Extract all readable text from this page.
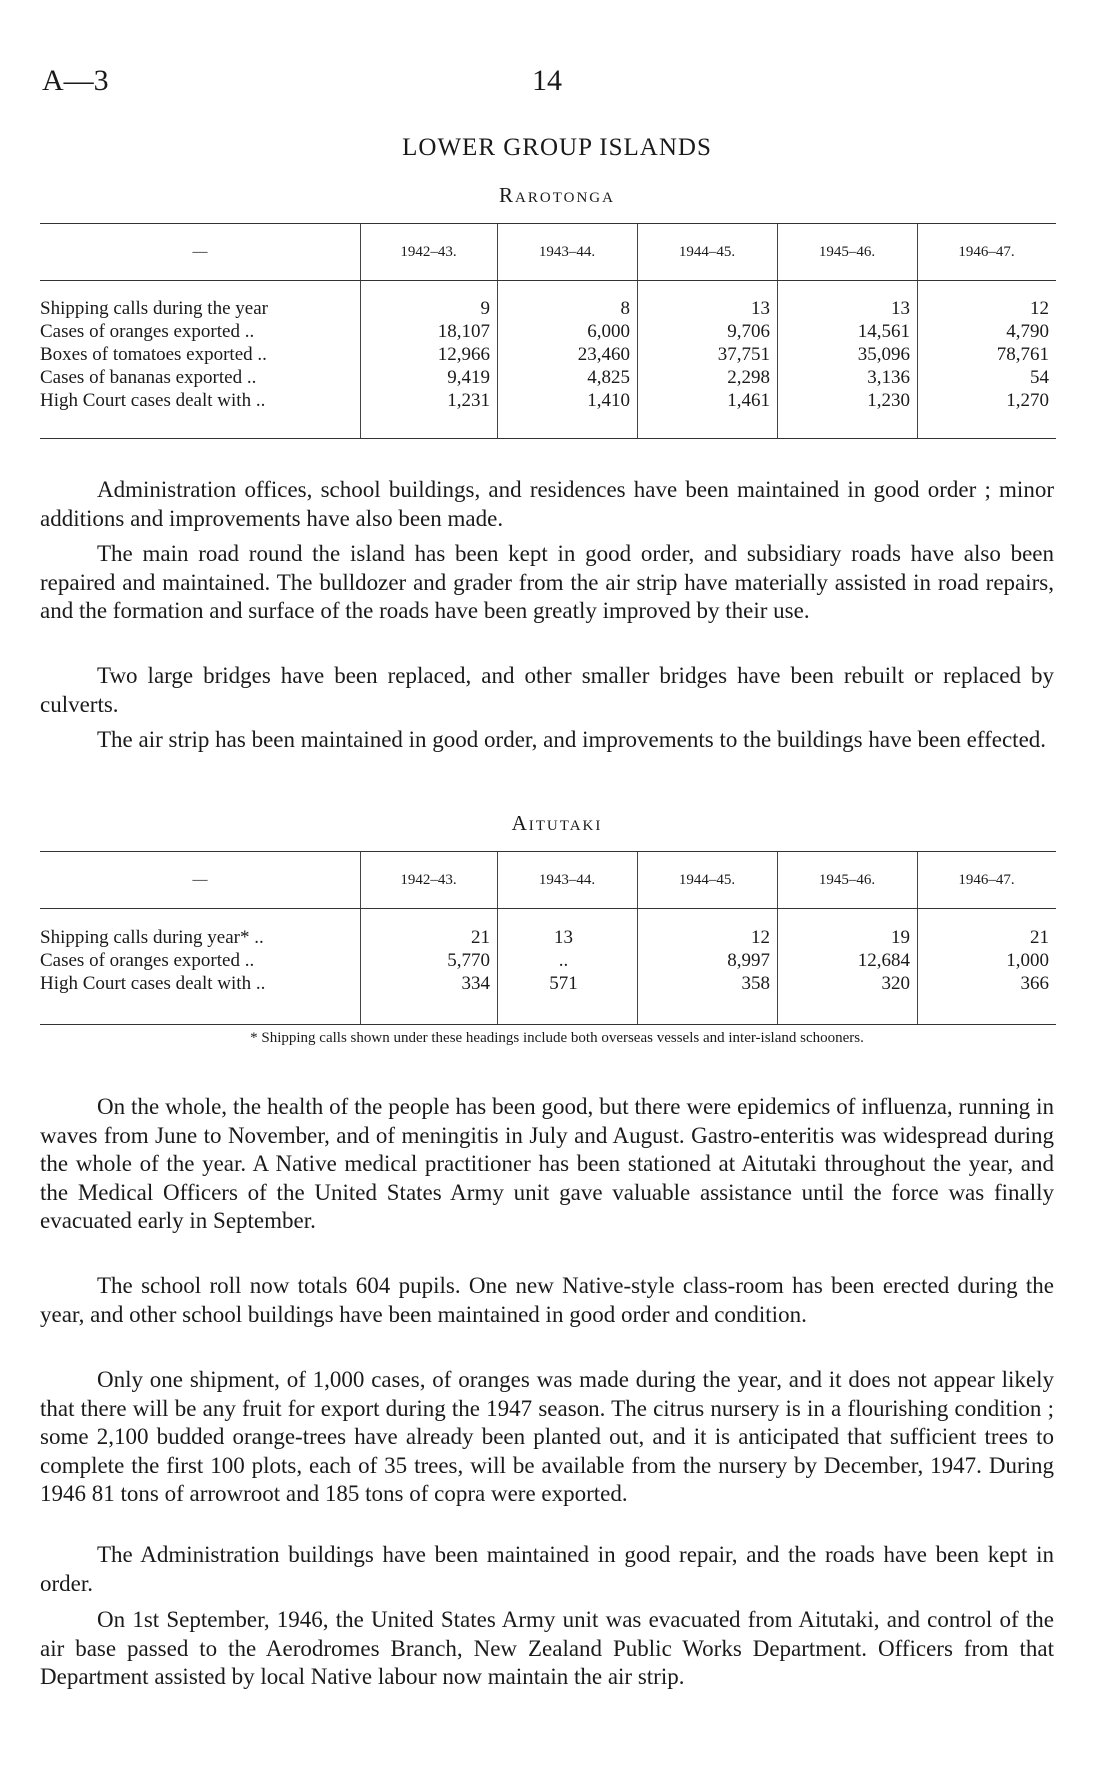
A—3	14
LOWER GROUP ISLANDS
Rarotonga
—	1942–43.	1943–44.	1944–45.	1945–46.	1946–47.
Shipping calls during the year	9	8	13	13	12
Cases of oranges exported ..	18,107	6,000	9,706	14,561	4,790
Boxes of tomatoes exported ..	12,966	23,460	37,751	35,096	78,761
Cases of bananas exported ..	9,419	4,825	2,298	3,136	54
High Court cases dealt with ..	1,231	1,410	1,461	1,230	1,270

Administration offices, school buildings, and residences have been maintained in good order ; minor additions and improvements have also been made.

The main road round the island has been kept in good order, and subsidiary roads have also been repaired and maintained. The bulldozer and grader from the air strip have materially assisted in road repairs, and the formation and surface of the roads have been greatly improved by their use.

Two large bridges have been replaced, and other smaller bridges have been rebuilt or replaced by culverts.

The air strip has been maintained in good order, and improvements to the buildings have been effected.

Aitutaki
—	1942–43.	1943–44.	1944–45.	1945–46.	1946–47.
Shipping calls during year* ..	21	13	12	19	21
Cases of oranges exported ..	5,770	..	8,997	12,684	1,000
High Court cases dealt with ..	334	571	358	320	366
* Shipping calls shown under these headings include both overseas vessels and inter-island schooners.

On the whole, the health of the people has been good, but there were epidemics of influenza, running in waves from June to November, and of meningitis in July and August. Gastro-enteritis was widespread during the whole of the year. A Native medical practitioner has been stationed at Aitutaki throughout the year, and the Medical Officers of the United States Army unit gave valuable assistance until the force was finally evacuated early in September.

The school roll now totals 604 pupils. One new Native-style class-room has been erected during the year, and other school buildings have been maintained in good order and condition.

Only one shipment, of 1,000 cases, of oranges was made during the year, and it does not appear likely that there will be any fruit for export during the 1947 season. The citrus nursery is in a flourishing condition ; some 2,100 budded orange-trees have already been planted out, and it is anticipated that sufficient trees to complete the first 100 plots, each of 35 trees, will be available from the nursery by December, 1947. During 1946 81 tons of arrowroot and 185 tons of copra were exported.

The Administration buildings have been maintained in good repair, and the roads have been kept in order.

On 1st September, 1946, the United States Army unit was evacuated from Aitutaki, and control of the air base passed to the Aerodromes Branch, New Zealand Public Works Department. Officers from that Department assisted by local Native labour now maintain the air strip.
